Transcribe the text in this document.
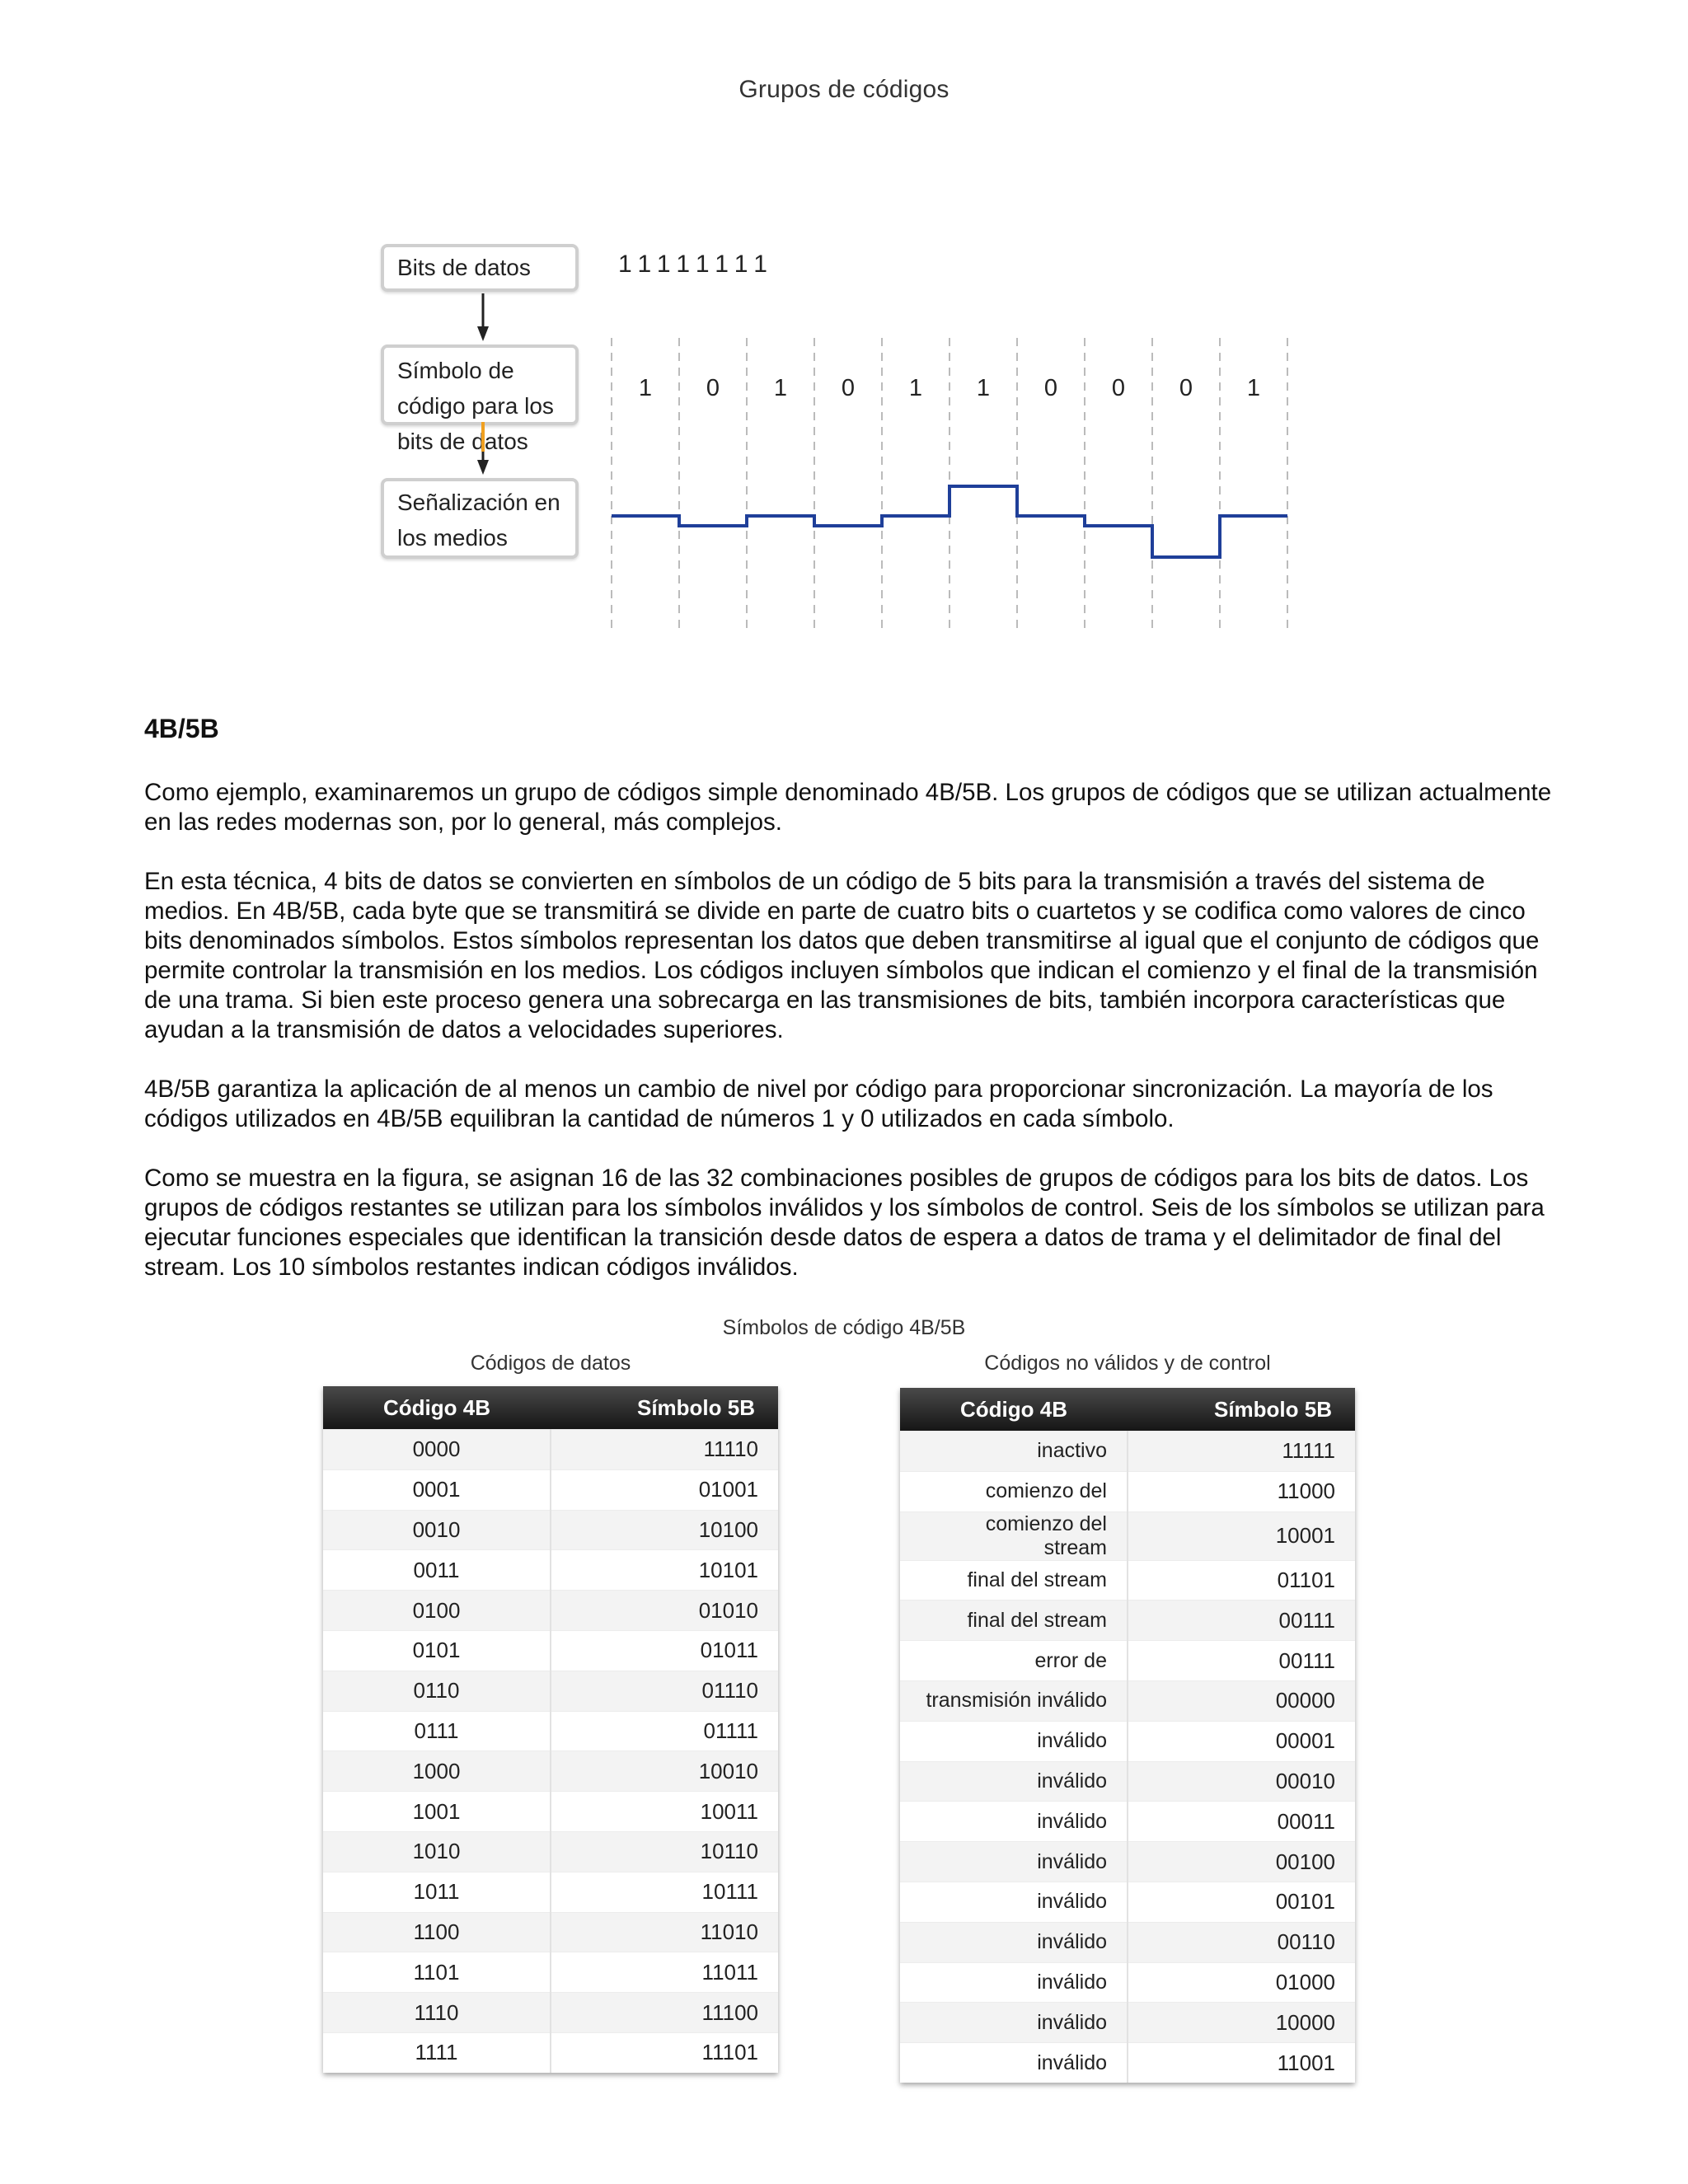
Grupos de códigos
Bits de datos
Símbolo de
código para los
bits de datos
Señalización en
los medios
11111111
1	0	1	0	1	1	0	0	0	1
4B/5B
Como ejemplo, examinaremos un grupo de códigos simple denominado 4B/5B. Los grupos de códigos que se utilizan actualmente en las redes modernas son, por lo general, más complejos.
En esta técnica, 4 bits de datos se convierten en símbolos de un código de 5 bits para la transmisión a través del sistema de medios. En 4B/5B, cada byte que se transmitirá se divide en parte de cuatro bits o cuartetos y se codifica como valores de cinco bits denominados símbolos. Estos símbolos representan los datos que deben transmitirse al igual que el conjunto de códigos que permite controlar la transmisión en los medios. Los códigos incluyen símbolos que indican el comienzo y el final de la transmisión de una trama. Si bien este proceso genera una sobrecarga en las transmisiones de bits, también incorpora características que ayudan a la transmisión de datos a velocidades superiores.
4B/5B garantiza la aplicación de al menos un cambio de nivel por código para proporcionar sincronización. La mayoría de los códigos utilizados en 4B/5B equilibran la cantidad de números 1 y 0 utilizados en cada símbolo.
Como se muestra en la figura, se asignan 16 de las 32 combinaciones posibles de grupos de códigos para los bits de datos. Los grupos de códigos restantes se utilizan para los símbolos inválidos y los símbolos de control. Seis de los símbolos se utilizan para ejecutar funciones especiales que identifican la transición desde datos de espera a datos de trama y el delimitador de final del stream. Los 10 símbolos restantes indican códigos inválidos.
Símbolos de código 4B/5B
Códigos de datos	Códigos no válidos y de control
Código 4B	Símbolo 5B
0000	11110
0001	01001
0010	10100
0011	10101
0100	01010
0101	01011
0110	01110
0111	01111
1000	10010
1001	10011
1010	10110
1011	10111
1100	11010
1101	11011
1110	11100
1111	11101
Código 4B	Símbolo 5B
inactivo	11111
comienzo del	11000
comienzo del stream	10001
final del stream	01101
final del stream	00111
error de	00111
transmisión inválido	00000
inválido	00001
inválido	00010
inválido	00011
inválido	00100
inválido	00101
inválido	00110
inválido	01000
inválido	10000
inválido	11001
